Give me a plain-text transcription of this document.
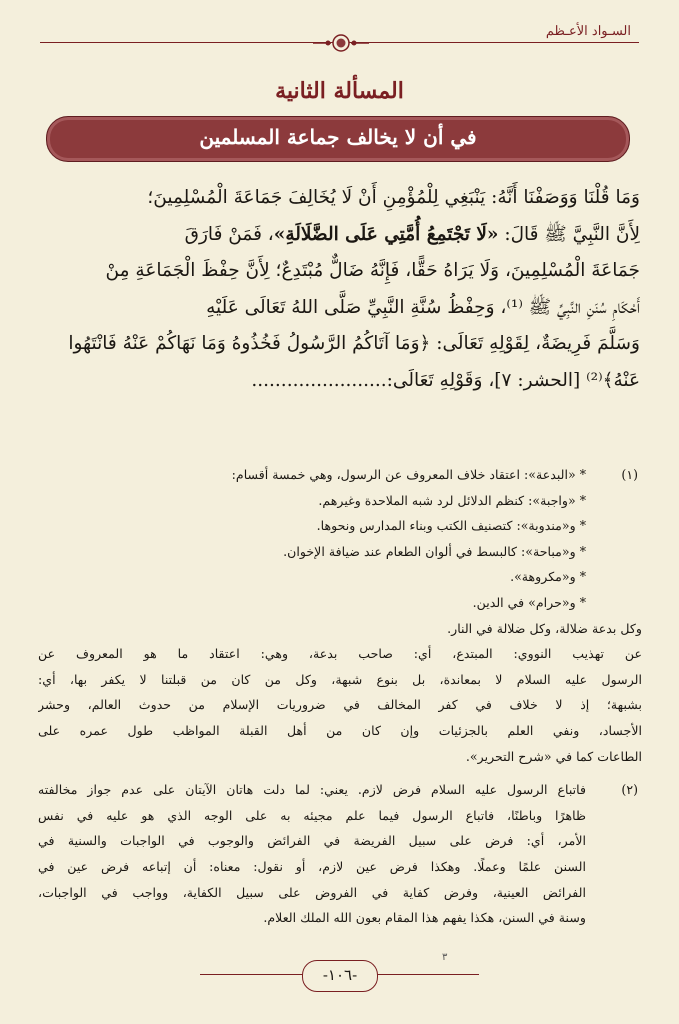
السـواد الأعـظم
المسألة الثانية
في أن لا يخالف جماعة المسلمين

وَمَا قُلْنَا وَوَصَفْنَا أَنَّهُ: يَنْبَغِي لِلْمُؤْمِنِ أَنْ لَا يُخَالِفَ جَمَاعَةَ الْمُسْلِمِينَ؛

لِأَنَّ النَّبِيَّ ﷺ قَالَ: «لَا تَجْتَمِعُ أُمَّتِي عَلَى الضَّلَالَةِ»، فَمَنْ فَارَقَ

جَمَاعَةَ الْمُسْلِمِينَ، وَلَا يَرَاهُ حَقًّا، فَإِنَّهُ ضَالٌّ مُبْتَدِعٌ؛ لِأَنَّ حِفْظَ الْجَمَاعَةِ مِنْ

أَحْكَامِ سُنَنِ النَّبِيِّ ﷺ ⁽¹⁾، وَحِفْظُ سُنَّةِ النَّبِيِّ صَلَّى اللهُ تَعَالَى عَلَيْهِ

وَسَلَّمَ فَرِيضَةٌ، لِقَوْلِهِ تَعَالَى: ﴿وَمَا آتَاكُمُ الرَّسُولُ فَخُذُوهُ وَمَا نَهَاكُمْ عَنْهُ فَانْتَهُوا

عَنْهُ﴾⁽²⁾ [الحشر: ٧]، وَقَوْلِهِ تَعَالَى:.......................

(١)
* «البدعة»: اعتقاد خلاف المعروف عن الرسول، وهي خمسة أقسام:
* «واجبة»: كنظم الدلائل لرد شبه الملاحدة وغيرهم.
* و«مندوبة»: كتصنيف الكتب وبناء المدارس ونحوها.
* و«مباحة»: كالبسط في ألوان الطعام عند ضيافة الإخوان.
* و«مكروهة».
* و«حرام» في الدين.
وكل بدعة ضلالة، وكل ضلالة في النار.
عن تهذيب النووي: المبتدع، أي: صاحب بدعة، وهي: اعتقاد ما هو المعروف عن
الرسول عليه السلام لا بمعاندة، بل بنوع شبهة، وكل من كان من قبلتنا لا يكفر بها، أي:
بشبهة؛ إذ لا خلاف في كفر المخالف في ضروريات الإسلام من حدوث العالم، وحشر
الأجساد، ونفي العلم بالجزئيات وإن كان من أهل القبلة المواظب طول عمره على
الطاعات كما في «شرح التحرير».
(٢)
فاتباع الرسول عليه السلام فرض لازم. يعني: لما دلت هاتان الآيتان على عدم جواز مخالفته
ظاهرًا وباطنًا، فاتباع الرسول فيما علم مجيئه به على الوجه الذي هو عليه في نفس
الأمر، أي: فرض على سبيل الفريضة في الفرائض والوجوب في الواجبات والسنية في
السنن علمًا وعملًا. وهكذا فرض عين لازم، أو نقول: معناه: أن إتباعه فرض عين في
الفرائض العينية، وفرض كفاية في الفروض على سبيل الكفاية، وواجب في الواجبات،
وسنة في السنن، هكذا يفهم هذا المقام بعون الله الملك العلام.
-١٠٦-
٣
